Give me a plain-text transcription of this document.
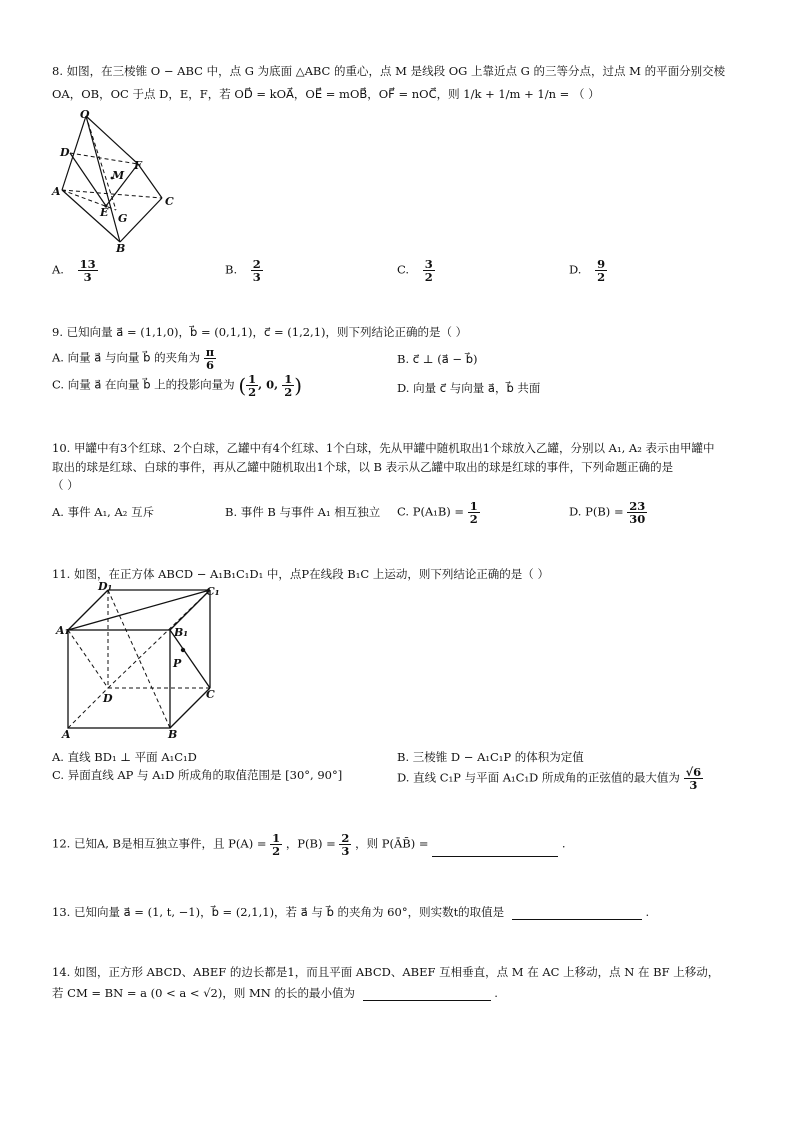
8. 如图，在三棱锥 O − ABC 中，点 G 为底面 △ABC 的重心，点 M 是线段 OG 上靠近点 G 的三等分点，过点 M 的平面分别交棱
OA，OB，OC 于点 D，E，F，若 OD⃗ = kOA⃗，OE⃗ = mOB⃗，OF⃗ = nOC⃗，则 1/k + 1/m + 1/n = （ ）
O
D
F
M
A
C
E G
B
A. $\frac{13}{3}$	B. $\frac{2}{3}$	C. $\frac{3}{2}$	D. $\frac{9}{2}$
9. 已知向量 a⃗ = (1,1,0)，b⃗ = (0,1,1)，c⃗ = (1,2,1)，则下列结论正确的是（ ）
A. 向量 a⃗ 与向量 b⃗ 的夹角为 $\frac{\pi}{6}$	B. c⃗ ⊥ (a⃗ − b⃗)
C. 向量 a⃗ 在向量 b⃗ 上的投影向量为 ( $\frac{1}{2}$ , 0, $\frac{1}{2}$ )	D. 向量 c⃗ 与向量 a⃗，b⃗ 共面
10. 甲罐中有3个红球、2个白球，乙罐中有4个红球、1个白球，先从甲罐中随机取出1个球放入乙罐，分别以 A₁, A₂ 表示由甲罐中
取出的球是红球、白球的事件，再从乙罐中随机取出1个球，以 B 表示从乙罐中取出的球是红球的事件，下列命题正确的是
（ ）
A. 事件 A₁, A₂ 互斥	B. 事件 B 与事件 A₁ 相互独立 C. $P(A_1B) = \frac{1}{2}$	D. $P(B) = \frac{23}{30}$
11. 如图，在正方体 ABCD − A₁B₁C₁D₁ 中，点P在线段 B₁C 上运动，则下列结论正确的是（ ）
D₁	C₁
A₁	B₁
P
D	C
A	B
A. 直线 BD₁ ⊥ 平面 A₁C₁D	B. 三棱锥 D − A₁C₁P 的体积为定值
C. 异面直线 AP 与 A₁D 所成角的取值范围是 [30°, 90°]	D. 直线 C₁P 与平面 A₁C₁D 所成角的正弦值的最大值为 $\frac{√6}{3}$
12. 已知A, B是相互独立事件，且 $P(A) = \frac{1}{2}$ ，$P(B) = \frac{2}{3}$ ，则 P(ĀB̄) =	.
13. 已知向量 a⃗ = (1, t, −1)，b⃗ = (2,1,1)，若 a⃗ 与 b⃗ 的夹角为 60°，则实数t的取值是	.
14. 如图，正方形 ABCD、ABEF 的边长都是1，而且平面 ABCD、ABEF 互相垂直，点 M 在 AC 上移动，点 N 在 BF 上移动，
若 CM = BN = a (0 < a < √2)，则 MN 的长的最小值为	.
